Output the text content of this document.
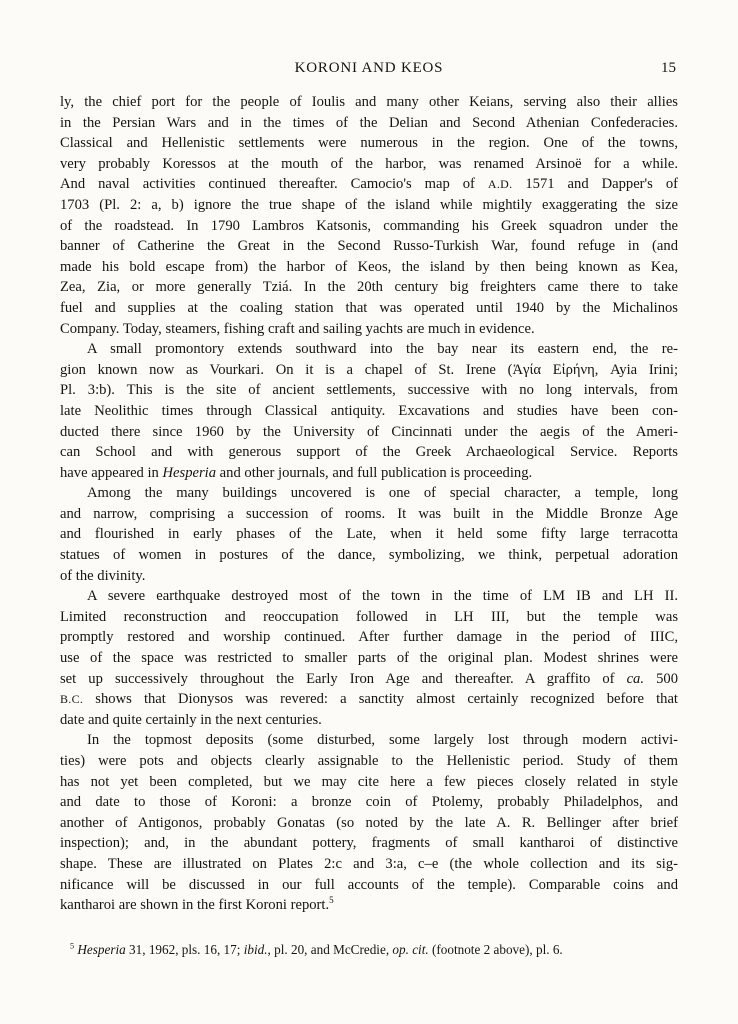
KORONI AND KEOS	15

ly, the chief port for the people of Ioulis and many other Keians, serving also their allies
in the Persian Wars and in the times of the Delian and Second Athenian Confederacies.
Classical and Hellenistic settlements were numerous in the region. One of the towns,
very probably Koressos at the mouth of the harbor, was renamed Arsinoë for a while.
And naval activities continued thereafter. Camocio's map of A.D. 1571 and Dapper's of
1703 (Pl. 2: a, b) ignore the true shape of the island while mightily exaggerating the size
of the roadstead. In 1790 Lambros Katsonis, commanding his Greek squadron under the
banner of Catherine the Great in the Second Russo-Turkish War, found refuge in (and
made his bold escape from) the harbor of Keos, the island by then being known as Kea,
Zea, Zia, or more generally Tziá. In the 20th century big freighters came there to take
fuel and supplies at the coaling station that was operated until 1940 by the Michalinos
Company. Today, steamers, fishing craft and sailing yachts are much in evidence.

A small promontory extends southward into the bay near its eastern end, the re-
gion known now as Vourkari. On it is a chapel of St. Irene (Ἁγία Εἰρήνη, Ayia Irini;
Pl. 3:b). This is the site of ancient settlements, successive with no long intervals, from
late Neolithic times through Classical antiquity. Excavations and studies have been con-
ducted there since 1960 by the University of Cincinnati under the aegis of the Ameri-
can School and with generous support of the Greek Archaeological Service. Reports
have appeared in Hesperia and other journals, and full publication is proceeding.

Among the many buildings uncovered is one of special character, a temple, long
and narrow, comprising a succession of rooms. It was built in the Middle Bronze Age
and flourished in early phases of the Late, when it held some fifty large terracotta
statues of women in postures of the dance, symbolizing, we think, perpetual adoration
of the divinity.

A severe earthquake destroyed most of the town in the time of LM IB and LH II.
Limited reconstruction and reoccupation followed in LH III, but the temple was
promptly restored and worship continued. After further damage in the period of IIIC,
use of the space was restricted to smaller parts of the original plan. Modest shrines were
set up successively throughout the Early Iron Age and thereafter. A graffito of ca. 500
B.C. shows that Dionysos was revered: a sanctity almost certainly recognized before that
date and quite certainly in the next centuries.

In the topmost deposits (some disturbed, some largely lost through modern activi-
ties) were pots and objects clearly assignable to the Hellenistic period. Study of them
has not yet been completed, but we may cite here a few pieces closely related in style
and date to those of Koroni: a bronze coin of Ptolemy, probably Philadelphos, and
another of Antigonos, probably Gonatas (so noted by the late A. R. Bellinger after brief
inspection); and, in the abundant pottery, fragments of small kantharoi of distinctive
shape. These are illustrated on Plates 2:c and 3:a, c–e (the whole collection and its sig-
nificance will be discussed in our full accounts of the temple). Comparable coins and
kantharoi are shown in the first Koroni report.$^5$

$^5$ Hesperia 31, 1962, pls. 16, 17; ibid., pl. 20, and McCredie, op. cit. (footnote 2 above), pl. 6.
